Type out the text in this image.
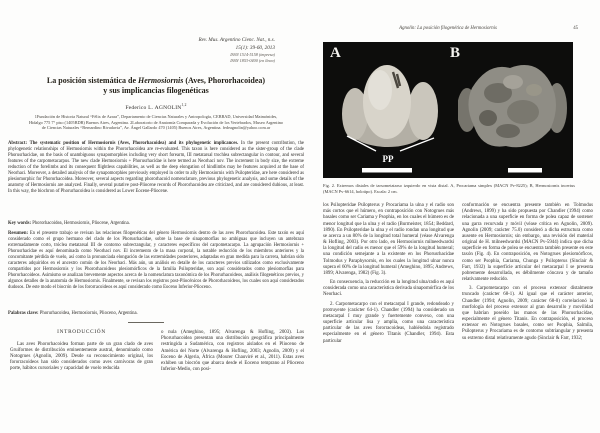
Rev. Mus. Argentino Cienc. Nat., n.s.
15(1): 39-60, 2013
ISSN 1514-5158 (impresa)
ISSN 1853-0400 (en línea)
La posición sistemática de Hermosiornis (Aves, Phororhacoidea)
y sus implicancias filogenéticas
Federico L. AGNOLIN$^{1,2}$
1Fundación de Historia Natural “Félix de Azara”, Departamento de Ciencias Naturales y Antropología, CEBBAD, Universidad Maimónides, Hidalgo 775 7° piso (1405BDB) Buenos Aires, Argentina. 2Laboratorio de Anatomía Comparada y Evolución de los Vertebrados, Museo Argentino de Ciencias Naturales “Bernardino Rivadavia”, Av. Ángel Gallardo 470 (1405) Buenos Aires, Argentina. fedeagnolin@yahoo.com.ar
Abstract: The systematic position of Hermosiornis (Aves, Phororhacoidea) and its phylogenetic implicances. In the present contribution, the phylogenetic relationships of Hermosiornis within the Phororhacoidea are re-evaluated. This taxon is here considered as the sister-group of the clade Phorusrhacidae, on the basis of unambiguous synapomorphies including very short forearm, III metatarsal trochlea subrectangular in contour, and several features of the carpometacarpus. The new clade Hermosiornis + Phorusrhacidae is here termed as Neorhaci nov. The increment in body size, the extreme reduction of the forelimbs and its consequent flightless capabilities, as well as the deep elongation of hindlimbs may be features acquired at the base of Neorhaci. Moreover, a detailed analysis of the synapomorphies previously employed in order to ally Hermosiornis with Psilopteridae, are here considered as plesiomorphic for Phororhacoidea. Moreover, several aspects regarding phororhacoid nomenclature, previous phylogenetic analysis, and some details of the anatomy of Hermosiornis are analyzed. Finally, several putative post-Pliocene records of Phororhacoidea are criticized, and are considered dubious, at least. In this way, the biochron of Phorurhacoidea is considered as Lower Eocene-Pliocene.
Key words: Phororhacoidea, Hermosiornis, Pliocene, Argentina.
Resumen: En el presente trabajo se revisan las relaciones filogenéticas del género Hermosiornis dentro de las aves Phororhacoidea. Este taxón es aquí considerado como el grupo hermano del clado de los Phorusrhacidae, sobre la base de sinapomorfías no ambiguas que incluyen un antebrazo extremadamente corto, tróclea metatarsal III de contorno subrectangular, y caracteres específicos del carpometacarpo. La agrupación Hermosiornis + Phorusrhacidae es aquí denominada como Neorhaci nov. El incremento de la masa corporal, la notable reducción de los miembros anteriores y la concomitante pérdida de vuelo, así como la pronunciada elongación de las extremidades posteriores, adaptadas en gran medida para la carrera, habrían sido caracteres adquiridos en el ancestro común de los Neorhaci. Más aún, un análisis en detalle de los caracteres previos utilizados como exclusivamente compartidos por Hermosiornis y los Phororhacoideos plesiomórficos de la familia Psilopteridae, son aquí considerados como plesiomorfías para Phororhacoideos. Asimismo se analizan brevemente aspectos acerca de la nomenclatura taxonómica de los Phorurhacoideos, análisis filogenéticos previos, y algunos detalles de la anatomía de Hermosiornis. Finalmente, se revisan los registros post-Pliocénicos de Phororhacoideos, los cuales son aquí considerados dudosos. De este modo el biocrón de los fororracoideos es aquí considerado como Eoceno Inferior-Plioceno.
Palabras clave: Phorurhacoidea, Hermosiornis, Plioceno, Argentina.
INTRODUCCIÓN

Las aves Phororhacoidea forman parte de un gran clado de aves Gruiformes de distribución eminentemente austral, denominado como Notogrues (Agnolin, 2009). Desde su reconocimiento original, los fororracoideos han sido considerados como aves carnívoras de gran porte, hábitos cursoriales y capacidad de vuelo reducida

o nula (Ameghino, 1895; Alvarenga & Hofling, 2003). Los Phorurhacoidea presentan una distribución geográfica principalmente restringida a Sudamérica, con registros aislados en el Plioceno de América del Norte (Alvarenga & Hofling, 2003; Agnolin, 2009) y el Eoceno de Algeria, África (Mourer Chauviré et al., 2011). Estas aves exhiben un biocrón que abarca desde el Eoceno temprano al Plioceno Inferior-Medio, con posi-

Agnolín: La posición filogenética de Hermosiornis	45
A	B
PP
Fig. 2. Extremos distales de tarsometatarso izquierdo en vista distal. A, Procariama simplex (MACN Pv-8225); B, Hermosiornis incertus (MACN Pv-6614, holotipo). Escala: 2 cm.

los Psilopteridae Psilopterus y Procariama la ulna y el radio son más cortos que el húmero, en contraposición con Notogrues más basales como ser Cariama y Psophia, en los cuales el húmero es de menor longitud que la ulna y el radio (Burmeister, 1854; Beddard, 1890). En Psilopteridae la ulna y el radio rondan una longitud que se acerca a un 80% de la longitud total humeral (véase Alvarenga & Hofling, 2003). Por otro lado, en Hermosiornis milneedwardsi la longitud del radio es menor que el 59% de la longitud humeral; una condición semejante a la existente en los Phorusrhacidae Tolmodus y Paraphysornis, en los cuales la longitud ulnar nunca supera el 60% de la longitud humeral (Ameghino, 1895; Andrews, 1899; Alvarenga, 1982) (Fig. 3).

En consecuencia, la reducción en la longitud ulna/radio es aquí considerada como una característica derivada sinapomórfica de los Neorhaci.

2. Carpometacarpo con el metacarpal I grande, redondeado y protruyente (carácter 64-1). Chandler (1994) ha considerado un metacarpal I muy grande y fuertemente convexo, con una superficie articular lisa y amplia, como una característica particular de las aves fororracoideas, habiéndola registrado especialmente en el género Titanis (Chandler, 1994). Esta particular

conformación se encuentra presente también en Tolmodus (Andrews, 1899) y ha sido propuesta por Chandler (1994) como relacionada a una superficie en forma de polea capaz de sostener una garra recurvada y móvil (véase crítica en Agnolin, 2009). Agnolin (2009; carácter 75.0) consideró a dicha estructura como ausente en Hermosiornis; sin embargo, una revisión del material original de H. milneedwardsi (MACN Pv-5944) indica que dicha superficie en forma de polea se encuentra también presente en este taxón (Fig. 4). En contraposición, en Notogrues plesiomórficos, como ser Psophia, Cariama, Chunga y Psilopterus (Sinclair & Farr, 1932) la superficie articular del metacarpal I se presenta pobremente desarrollada, es débilmente cóncava y de tamaño relativamente reducido.

3. Carpometacarpo con el proceso extensor distalmente truncado (carácter 68-1). Al igual que el carácter anterior, Chandler (1994; Agnolin, 2009; carácter 68-0) correlacionó la morfología del proceso extensor al gran desarrollo y movilidad que habrían poseído las manos de las Phorusrhacidae, especialmente el género Titanis. En contraposición, el proceso extensor en Notogrues basales, como ser Psophia, Salmila, Psilopterus y Procariama es de contorno subtriangular y presenta su extremo distal relativamente agudo (Sinclair & Farr, 1932;
